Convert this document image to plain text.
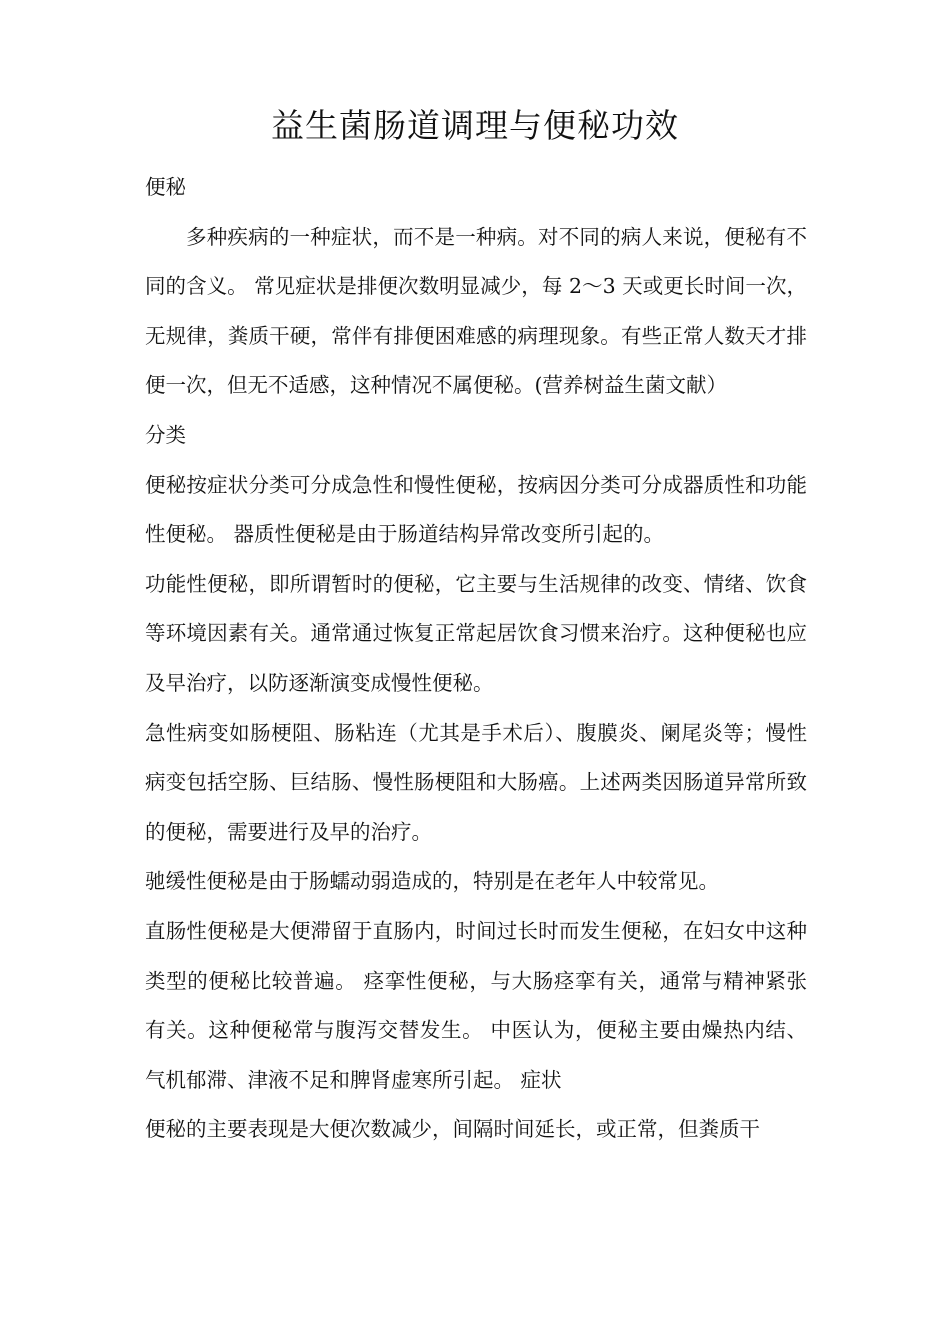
益生菌肠道调理与便秘功效

便秘

多种疾病的一种症状，而不是一种病。对不同的病人来说，便秘有不同的含义。 常见症状是排便次数明显减少，每 2～3 天或更长时间一次，无规律，粪质干硬，常伴有排便困难感的病理现象。有些正常人数天才排便一次，但无不适感，这种情况不属便秘。(营养树益生菌文献）

分类

便秘按症状分类可分成急性和慢性便秘，按病因分类可分成器质性和功能性便秘。 器质性便秘是由于肠道结构异常改变所引起的。

功能性便秘，即所谓暂时的便秘，它主要与生活规律的改变、情绪、饮食等环境因素有关。通常通过恢复正常起居饮食习惯来治疗。这种便秘也应及早治疗，以防逐渐演变成慢性便秘。

急性病变如肠梗阻、肠粘连（尤其是手术后）、腹膜炎、阑尾炎等；慢性病变包括空肠、巨结肠、慢性肠梗阻和大肠癌。上述两类因肠道异常所致的便秘，需要进行及早的治疗。

驰缓性便秘是由于肠蠕动弱造成的，特别是在老年人中较常见。

直肠性便秘是大便滞留于直肠内，时间过长时而发生便秘，在妇女中这种类型的便秘比较普遍。 痉挛性便秘，与大肠痉挛有关，通常与精神紧张有关。这种便秘常与腹泻交替发生。 中医认为，便秘主要由燥热内结、气机郁滞、津液不足和脾肾虚寒所引起。 症状

便秘的主要表现是大便次数减少，间隔时间延长，或正常，但粪质干
